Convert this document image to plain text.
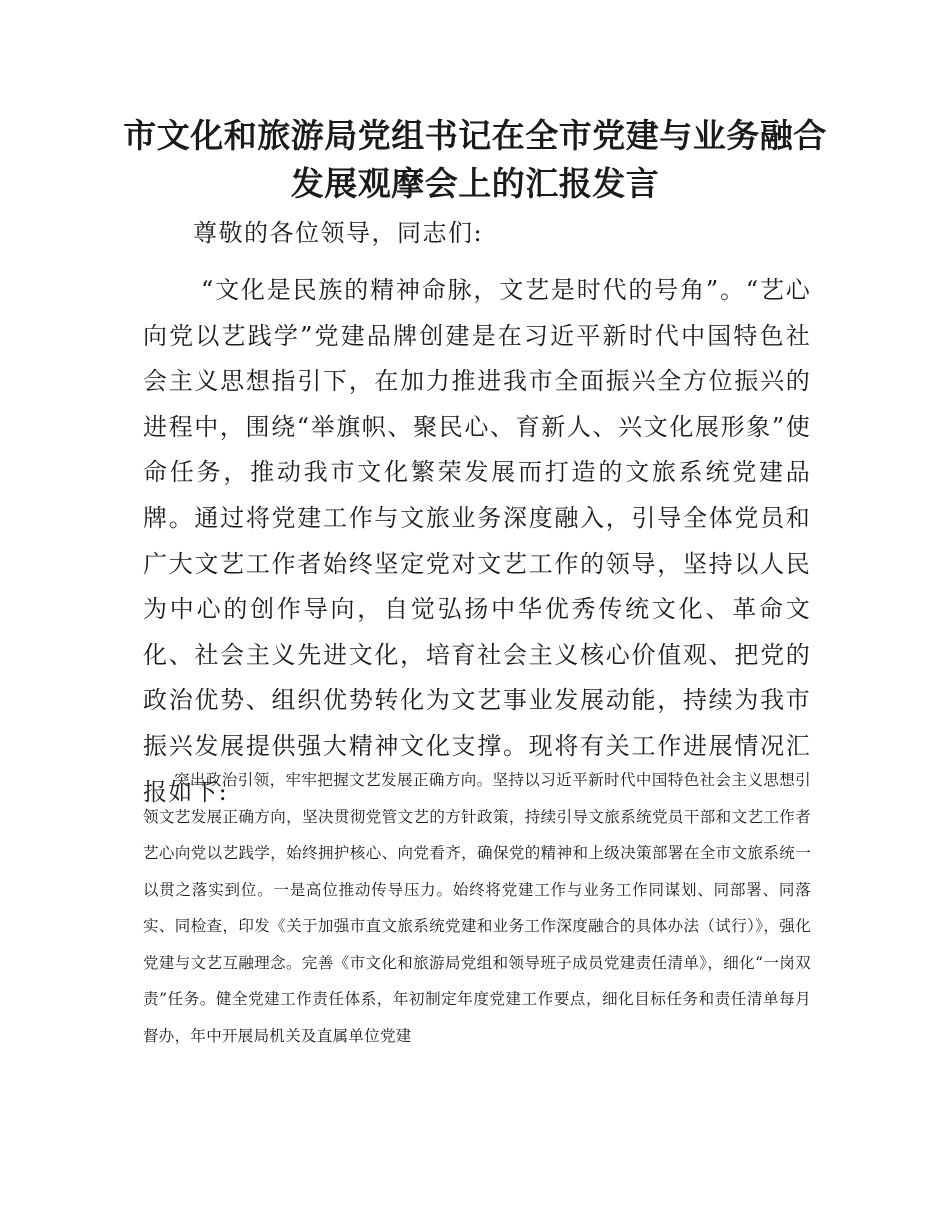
市文化和旅游局党组书记在全市党建与业务融合发展观摩会上的汇报发言

尊敬的各位领导，同志们:

“文化是民族的精神命脉，文艺是时代的号角”。“艺心向党以艺践学”党建品牌创建是在习近平新时代中国特色社会主义思想指引下，在加力推进我市全面振兴全方位振兴的进程中，围绕“举旗帜、聚民心、育新人、兴文化展形象”使命任务，推动我市文化繁荣发展而打造的文旅系统党建品牌。通过将党建工作与文旅业务深度融入，引导全体党员和广大文艺工作者始终坚定党对文艺工作的领导，坚持以人民为中心的创作导向，自觉弘扬中华优秀传统文化、革命文化、社会主义先进文化，培育社会主义核心价值观、把党的政治优势、组织优势转化为文艺事业发展动能，持续为我市振兴发展提供强大精神文化支撑。现将有关工作进展情况汇报如下:

突出政治引领，牢牢把握文艺发展正确方向。坚持以习近平新时代中国特色社会主义思想引领文艺发展正确方向，坚决贯彻党管文艺的方针政策，持续引导文旅系统党员干部和文艺工作者艺心向党以艺践学，始终拥护核心、向党看齐，确保党的精神和上级决策部署在全市文旅系统一以贯之落实到位。一是高位推动传导压力。始终将党建工作与业务工作同谋划、同部署、同落实、同检查，印发《关于加强市直文旅系统党建和业务工作深度融合的具体办法（试行）》，强化党建与文艺互融理念。完善《市文化和旅游局党组和领导班子成员党建责任清单》，细化“一岗双责”任务。健全党建工作责任体系，年初制定年度党建工作要点，细化目标任务和责任清单每月督办，年中开展局机关及直属单位党建
